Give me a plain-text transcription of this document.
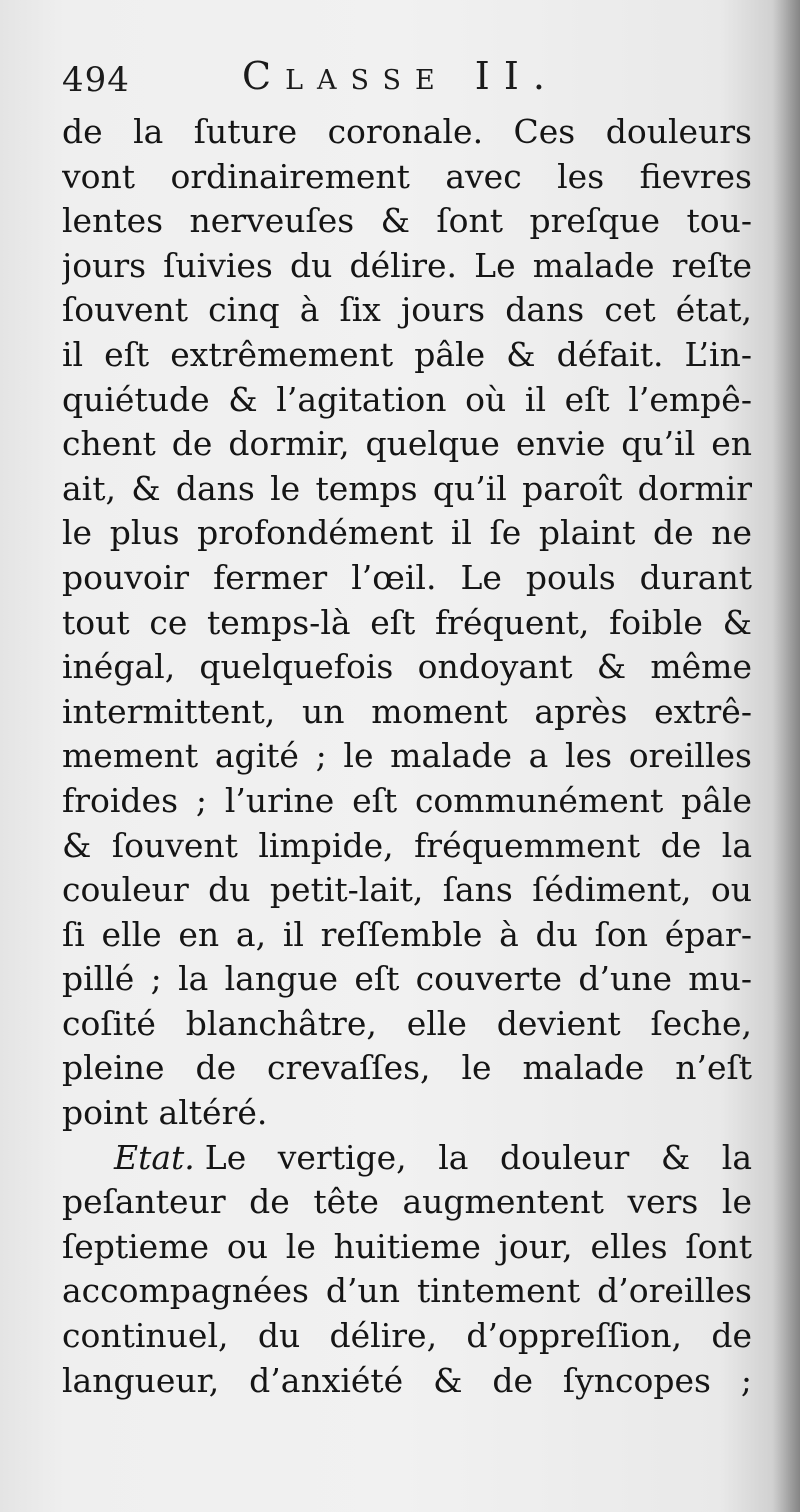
494	Classe II.
de la ſuture coronale. Ces douleurs
vont ordinairement avec les fievres
lentes nerveuſes & ſont preſque tou-
jours ſuivies du délire. Le malade reſte
ſouvent cinq à ſix jours dans cet état,
il eſt extrêmement pâle & défait. L’in-
quiétude & l’agitation où il eſt l’empê-
chent de dormir, quelque envie qu’il en
ait, & dans le temps qu’il paroît dormir
le plus profondément il ſe plaint de ne
pouvoir fermer l’œil. Le pouls durant
tout ce temps-là eſt fréquent, foible &
inégal, quelquefois ondoyant & même
intermittent, un moment après extrê-
mement agité ; le malade a les oreilles
froides ; l’urine eſt communément pâle
& ſouvent limpide, fréquemment de la
couleur du petit-lait, ſans ſédiment, ou
ſi elle en a, il reſſemble à du ſon épar-
pillé ; la langue eſt couverte d’une mu-
coſité blanchâtre, elle devient ſeche,
pleine de crevaſſes, le malade n’eſt
point altéré.
Etat. Le vertige, la douleur & la
peſanteur de tête augmentent vers le
ſeptieme ou le huitieme jour, elles ſont
accompagnées d’un tintement d’oreilles
continuel, du délire, d’oppreſſion, de
langueur, d’anxiété & de ſyncopes ;
